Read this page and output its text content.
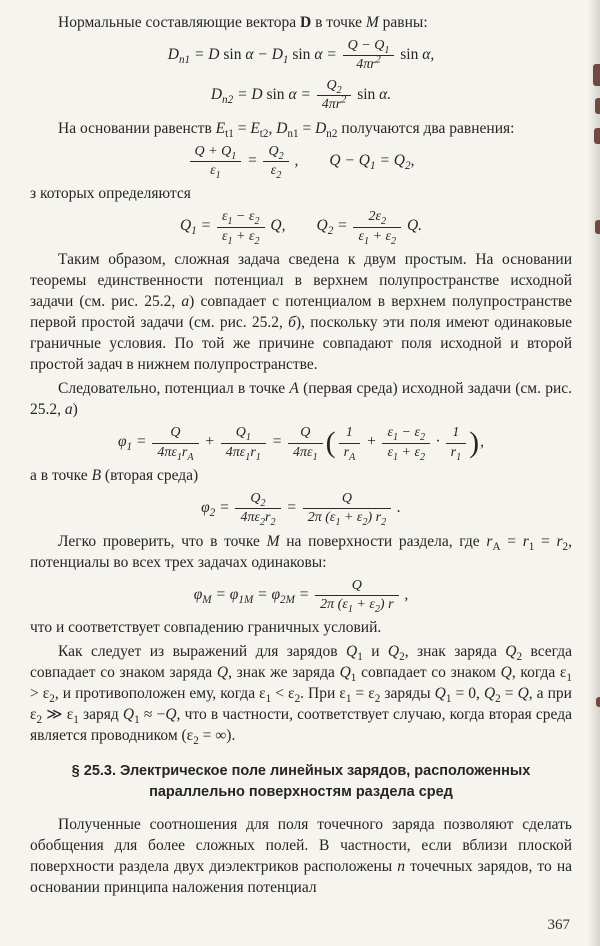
Нормальные составляющие вектора D в точке M равны:

$D_{n1} = D$ $\sin \alpha - D_1$ $\sin \alpha = \frac{Q - Q_1}{4\pi r^2}$ sin α,
$D_{n2} = D$ $\sin \alpha = \frac{Q_2}{4\pi r^2}$ sin α.

На основании равенств $E_{t1} = E_{t2}$, $D_{n1} = D_{n2}$ получаются два равнения:

$\frac{Q + Q_1}{\varepsilon_1} = \frac{Q_2}{\varepsilon_2}$ ,  $Q - Q_1 = Q_2$,

з которых определяются

$Q_1 = \frac{\varepsilon_1 - \varepsilon_2}{\varepsilon_1 + \varepsilon_2} Q$,  $Q_2 = \frac{2\varepsilon_2}{\varepsilon_1 + \varepsilon_2} Q$.

Таким образом, сложная задача сведена к двум простым. На основании теоремы единственности потенциал в верхнем полупространстве исходной задачи (см. рис. 25.2, а) совпадает с потенциалом в верхнем полупространстве первой простой задачи (см. рис. 25.2, б), поскольку эти поля имеют одинаковые граничные условия. По той же причине совпадают поля исходной и второй простой задач в нижнем полупространстве.

Следовательно, потенциал в точке A (первая среда) исходной задачи (см. рис. 25.2, а)

$\varphi_1 = \frac{Q}{4\pi\varepsilon_1r_A} + \frac{Q_1}{4\pi\varepsilon_1r_1} = \frac{Q}{4\pi\varepsilon_1}$ ( $\frac{1}{r_A} + \frac{\varepsilon_1 - \varepsilon_2}{\varepsilon_1 + \varepsilon_2} \cdot \frac{1}{r_1}$ ),

а в точке B (вторая среда)

$\varphi_2 = \frac{Q_2}{4\pi\varepsilon_2r_2} = \frac{Q}{2\pi (\varepsilon_1 + \varepsilon_2) r_2}$ .

Легко проверить, что в точке M на поверхности раздела, где $r_A = r_1 = r_2$, потенциалы во всех трех задачах одинаковы:

$\varphi_M = \varphi_{1M} = \varphi_{2M} = \frac{Q}{2\pi (\varepsilon_1 + \varepsilon_2) r}$ ,

что и соответствует совпадению граничных условий.

Как следует из выражений для зарядов $Q_1$ и $Q_2$, знак заряда $Q_2$ всегда совпадает со знаком заряда Q, знак же заряда $Q_1$ совпадает со знаком Q, когда $\varepsilon_1 > \varepsilon_2$, и противоположен ему, когда $\varepsilon_1 < \varepsilon_2$. При $\varepsilon_1 = \varepsilon_2$ заряды $Q_1 = 0$, $Q_2 = Q$, а при $\varepsilon_2$ ≫ $\varepsilon_1$ заряд $Q_1 \approx -Q$, что в частности, соответствует случаю, когда вторая среда является проводником ($\varepsilon_2$ = ∞).

§ 25.3. Электрическое поле линейных зарядов, расположенных параллельно поверхностям раздела сред

Полученные соотношения для поля точечного заряда позволяют сделать обобщения для более сложных полей. В частности, если вблизи плоской поверхности раздела двух диэлектриков расположены n точечных зарядов, то на основании принципа наложения потенциал

367
